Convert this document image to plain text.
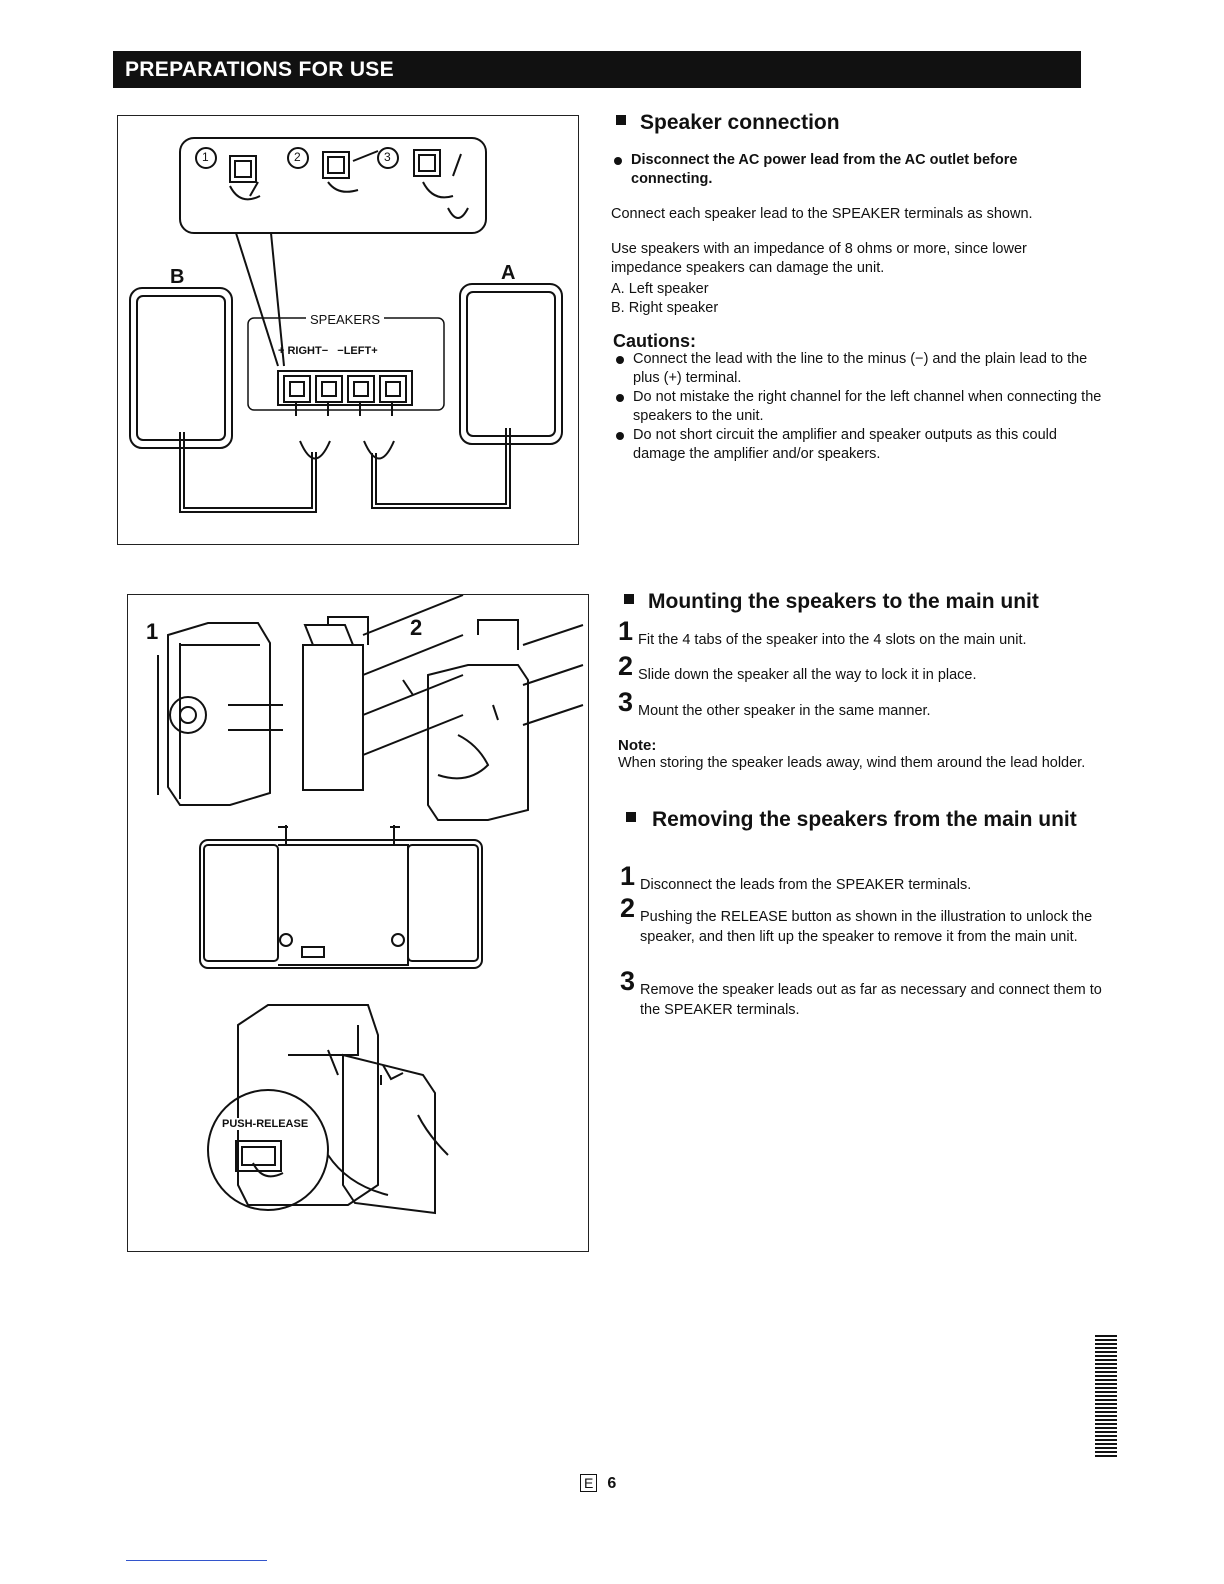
PREPARATIONS FOR USE
B	A
1	2	3
SPEAKERS
+ RIGHT−   −LEFT+
1	2
PUSH-RELEASE
Speaker connection
Disconnect the AC power lead from the AC outlet before connecting.
Connect each speaker lead to the SPEAKER terminals as shown.
Use speakers with an impedance of 8 ohms or more, since lower impedance speakers can damage the unit.
A. Left speaker
B. Right speaker
Cautions:
Connect the lead with the line to the minus (−) and the plain lead to the plus (+) terminal.
Do not mistake the right channel for the left channel when connecting the speakers to the unit.
Do not short circuit the amplifier and speaker outputs as this could damage the amplifier and/or speakers.
Mounting the speakers to the main unit
1 Fit the 4 tabs of the speaker into the 4 slots on the main unit.
2 Slide down the speaker all the way to lock it in place.
3 Mount the other speaker in the same manner.
Note:
When storing the speaker leads away, wind them around the lead holder.
Removing the speakers from the main unit
1 Disconnect the leads from the SPEAKER terminals.
2 Pushing the RELEASE button as shown in the illustration to unlock the speaker, and then lift up the speaker to remove it from the main unit.
3 Remove the speaker leads out as far as necessary and connect them to the SPEAKER terminals.
E 6
